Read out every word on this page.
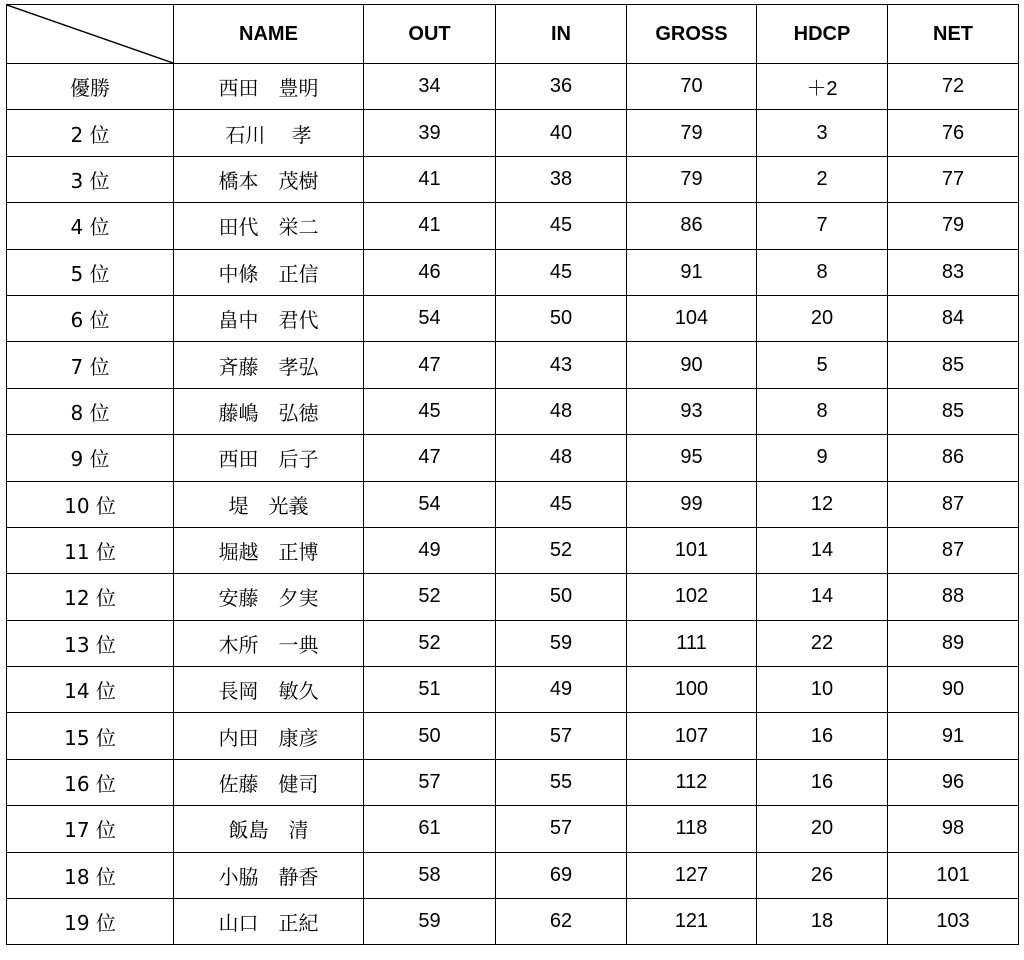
	NAME	OUT	IN	GROSS	HDCP	NET
優勝	西田　豊明	34	36	70	＋2	72
2 位	石川　 孝	39	40	79	3	76
3 位	橋本　茂樹	41	38	79	2	77
4 位	田代　栄二	41	45	86	7	79
5 位	中條　正信	46	45	91	8	83
6 位	畠中　君代	54	50	104	20	84
7 位	斉藤　孝弘	47	43	90	5	85
8 位	藤嶋　弘徳	45	48	93	8	85
9 位	西田　后子	47	48	95	9	86
10 位	堤　光義	54	45	99	12	87
11 位	堀越　正博	49	52	101	14	87
12 位	安藤　夕実	52	50	102	14	88
13 位	木所　一典	52	59	111	22	89
14 位	長岡　敏久	51	49	100	10	90
15 位	内田　康彦	50	57	107	16	91
16 位	佐藤　健司	57	55	112	16	96
17 位	飯島　清	61	57	118	20	98
18 位	小脇　静香	58	69	127	26	101
19 位	山口　正紀	59	62	121	18	103
